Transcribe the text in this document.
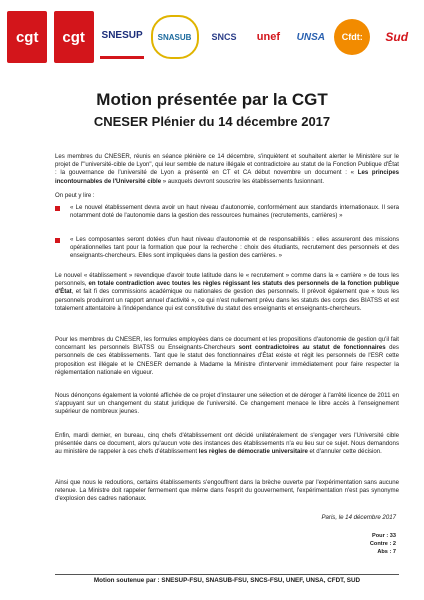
cgt	cgt	SNESUP	SNASUB	SNCS	unef	UNSA	Cfdt:	Sud
Motion présentée par la CGT
CNESER Plénier du 14 décembre 2017

Les membres du CNESER, réunis en séance plénière ce 14 décembre, s'inquiètent et souhaitent alerter le Ministère sur le projet de l'"université-cible de Lyon", qui leur semble de nature illégale et contradictoire au statut de la Fonction Publique d'État : la gouvernance de l'université de Lyon a présenté en CT et CA début novembre un document : « Les principes incontournables de l'Université cible » auxquels devront souscrire les établissements fusionnant.

On peut y lire :

« Le nouvel établissement devra avoir un haut niveau d'autonomie, conformément aux standards internationaux. Il sera notamment doté de l'autonomie dans la gestion des ressources humaines (recrutements, carrières) »
« Les composantes seront dotées d'un haut niveau d'autonomie et de responsabilités : elles assureront des missions opérationnelles tant pour la formation que pour la recherche : choix des étudiants, recrutement des personnels et des enseignants-chercheurs. Elles sont impliquées dans la gestion des carrières. »

Le nouvel « établissement » revendique d'avoir toute latitude dans le « recrutement » comme dans la « carrière » de tous les personnels, en totale contradiction avec toutes les règles régissant les statuts des personnels de la fonction publique d'État, et fait fi des commissions académique ou nationales de gestion des personnels. Il prévoit également que « tous les personnels produiront un rapport annuel d'activité », ce qui n'est nullement prévu dans les statuts des corps des BIATSS et est totalement attentatoire à l'indépendance qui est constitutive du statut des enseignants et enseignants-chercheurs.

Pour les membres du CNESER, les formules employées dans ce document et les propositions d'autonomie de gestion qu'il fait concernant les personnels BIATSS ou Enseignants-Chercheurs sont contradictoires au statut de fonctionnaires des personnels de ces établissements. Tant que le statut des fonctionnaires d'État existe et régit les personnels de l'ESR cette proposition est illégale et le CNESER demande à Madame la Ministre d'intervenir immédiatement pour faire respecter la réglementation nationale en vigueur.

Nous dénonçons également la volonté affichée de ce projet d'instaurer une sélection et de déroger à l'arrêté licence de 2011 en s'appuyant sur un changement du statut juridique de l'université. Ce changement menace le libre accès à l'enseignement supérieur de nombreux jeunes.

Enfin, mardi dernier, en bureau, cinq chefs d'établissement ont décidé unilatéralement de s'engager vers l'Université cible présentée dans ce document, alors qu'aucun vote des instances des établissements n'a eu lieu sur ce sujet. Nous demandons au ministère de rappeler à ces chefs d'établissement les règles de démocratie universitaire et d'annuler cette décision.

Ainsi que nous le redoutions, certains établissements s'engouffrent dans la brèche ouverte par l'expérimentation sans aucune retenue. La Ministre doit rappeler fermement que même dans l'esprit du gouvernement, l'expérimentation n'est pas synonyme d'explosion des cadres nationaux.

Paris, le 14 décembre 2017
Pour : 33
Contre : 2
Abs : 7
Motion soutenue par : SNESUP-FSU, SNASUB-FSU, SNCS-FSU, UNEF, UNSA, CFDT, SUD
